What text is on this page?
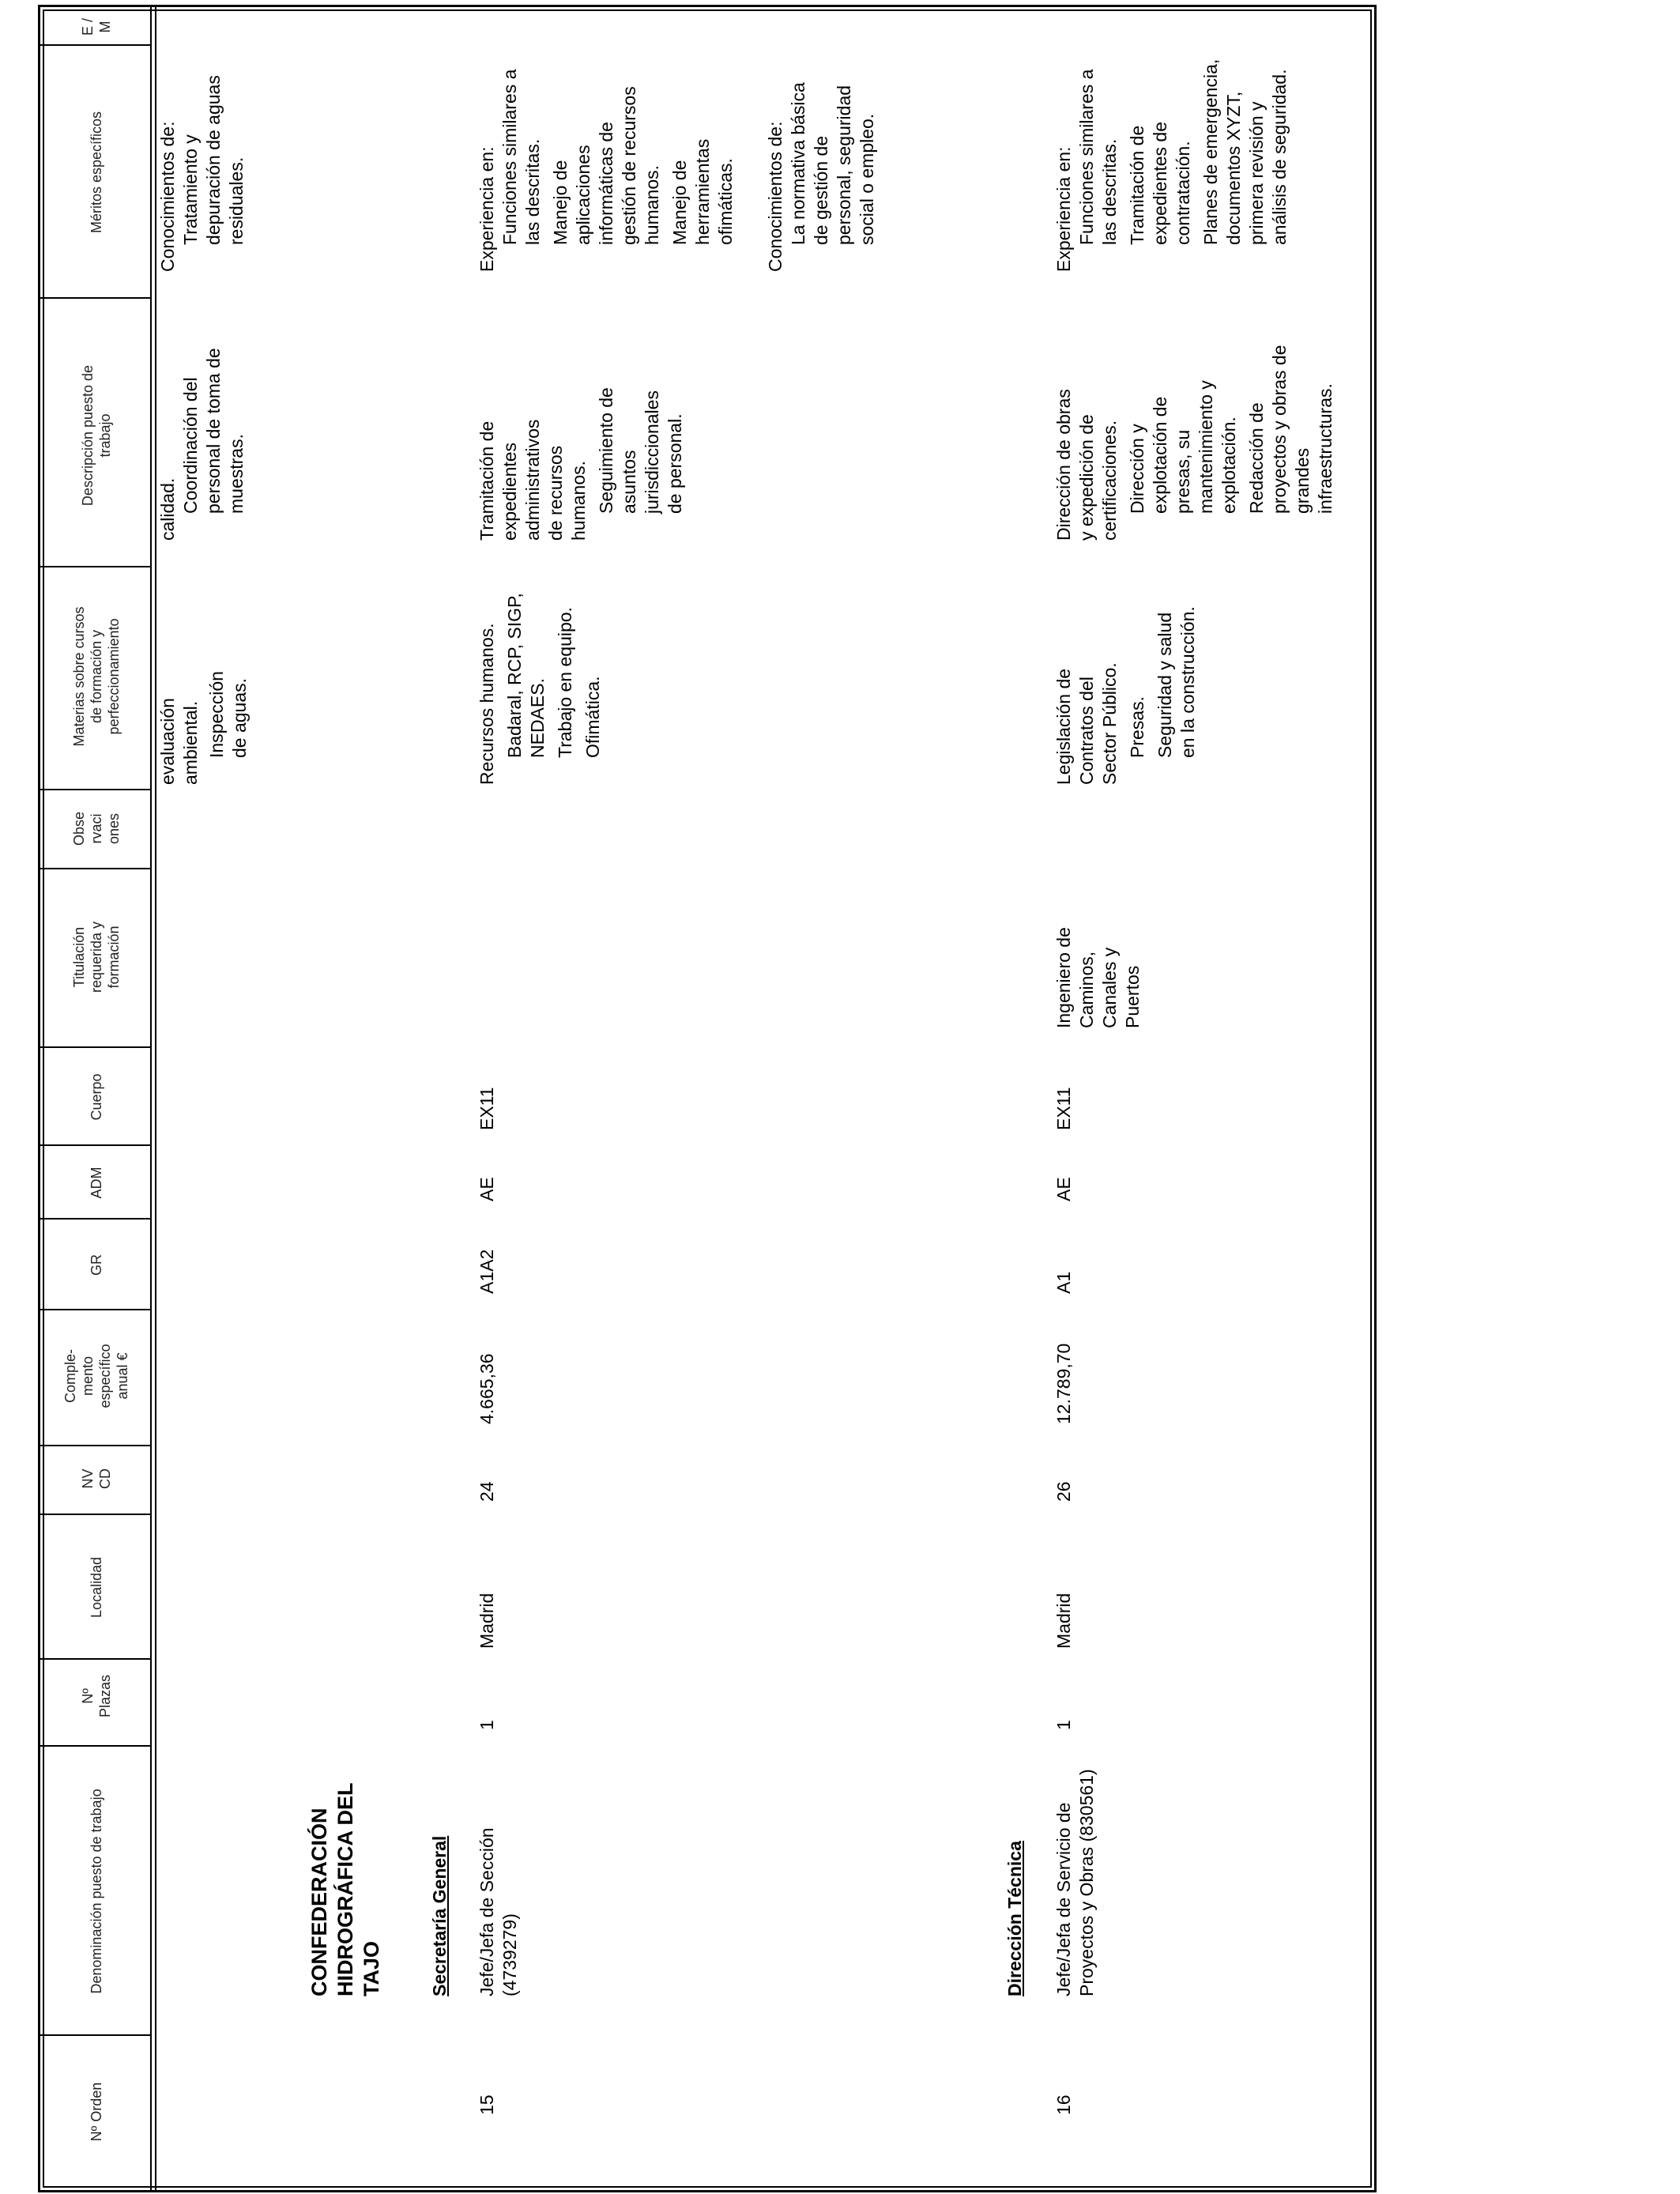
Nº Orden
Denominación puesto de trabajo
Nº Plazas
Localidad
NV CD
Comple-mento específico anual €
GR
ADM
Cuerpo
Titulación requerida y formación
Obse rvaci ones
Materias sobre cursos de formación y perfeccionamiento
Descripción puesto de trabajo
Méritos específicos
E / M

evaluación ambiental. Inspección de aguas.

calidad. Coordinación del personal de toma de muestras.

Conocimientos de: Tratamiento y depuración de aguas residuales.

CONFEDERACIÓN HIDROGRÁFICA DEL TAJO	Secretaría General	Dirección Técnica
15
Jefe/Jefa de Sección (4739279)
1
Madrid
24
4.665,36
A1A2
AE
EX11

Recursos humanos. Badaral, RCP, SIGP, NEDAES. Trabajo en equipo. Ofimática.

Tramitación de expedientes administrativos de recursos humanos. Seguimiento de asuntos jurisdiccionales de personal.

Experiencia en: Funciones similares a las descritas. Manejo de aplicaciones informáticas de gestión de recursos humanos. Manejo de herramientas ofimáticas. Conocimientos de: La normativa básica de gestión de personal, seguridad social o empleo.

16
Jefe/Jefa de Servicio de Proyectos y Obras (830561)
1
Madrid
26
12.789,70
A1
AE
EX11
Ingeniero de Caminos, Canales y Puertos

Legislación de Contratos del Sector Público. Presas. Seguridad y salud en la construcción.

Dirección de obras y expedición de certificaciones. Dirección y explotación de presas, su mantenimiento y explotación. Redacción de proyectos y obras de grandes infraestructuras.

Experiencia en: Funciones similares a las descritas. Tramitación de expedientes de contratación. Planes de emergencia, documentos XYZT, primera revisión y análisis de seguridad.
